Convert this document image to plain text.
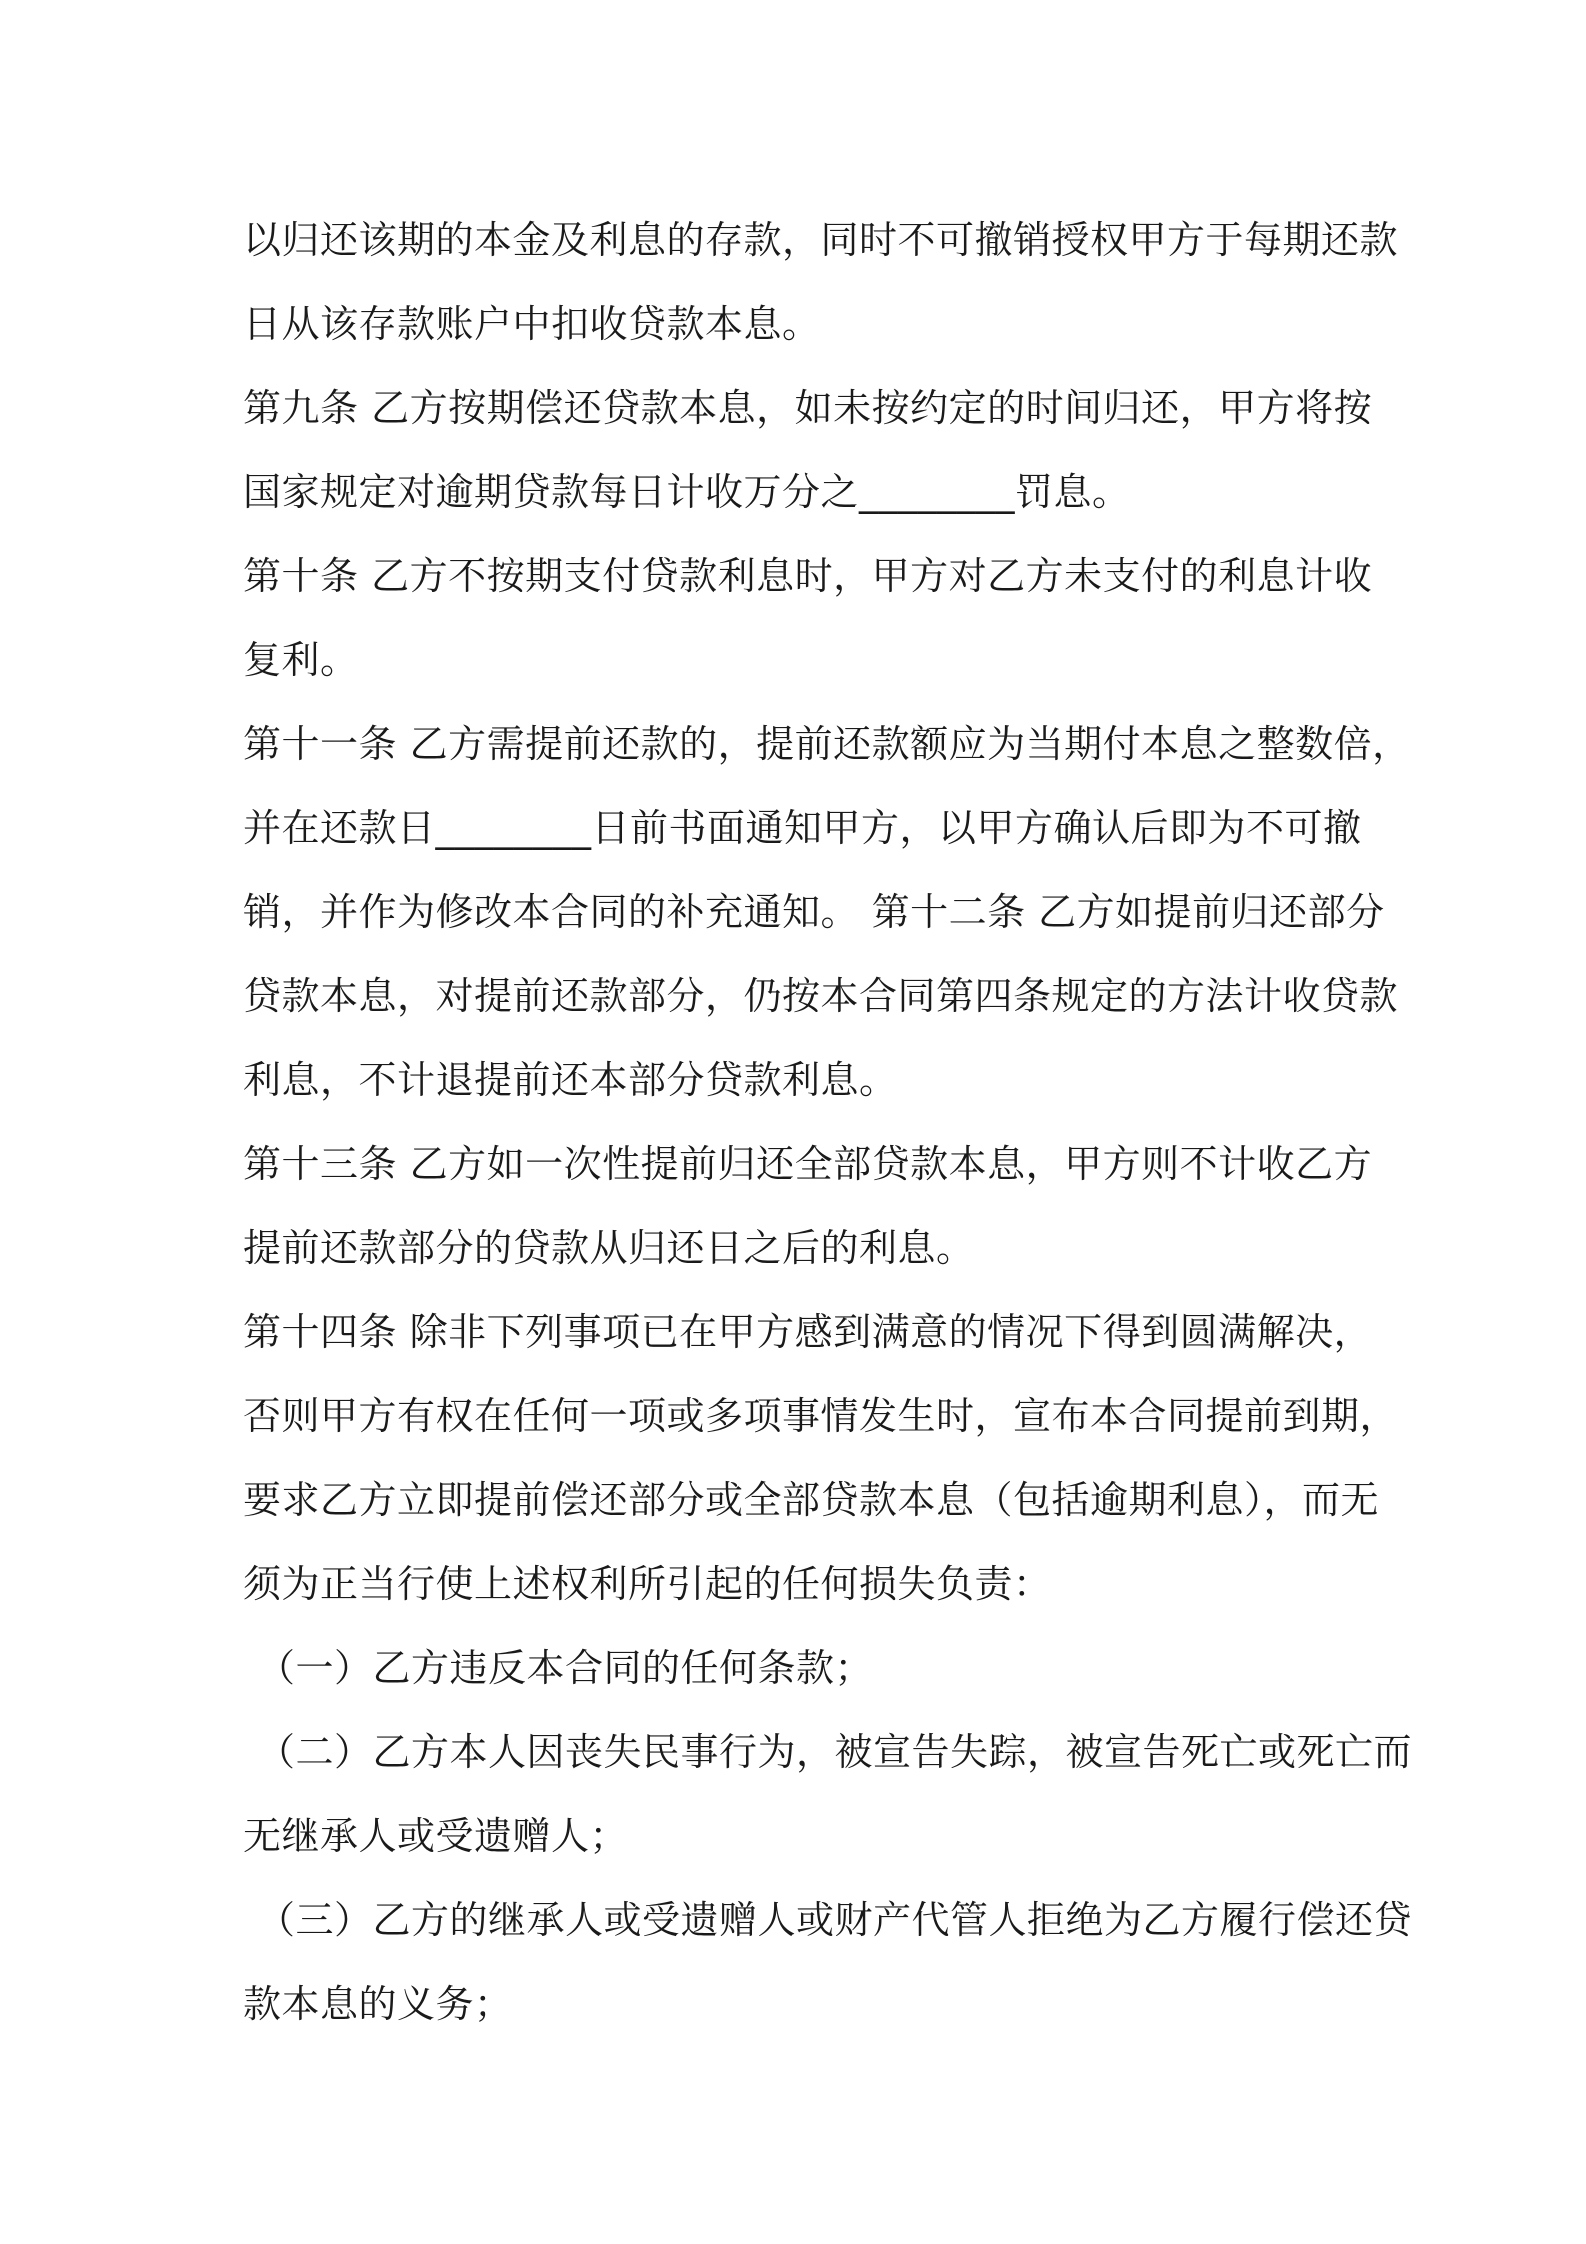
以归还该期的本金及利息的存款，同时不可撤销授权甲方于每期还款
日从该存款账户中扣收贷款本息。
第九条 乙方按期偿还贷款本息，如未按约定的时间归还，甲方将按
国家规定对逾期贷款每日计收万分之________罚息。
第十条 乙方不按期支付贷款利息时，甲方对乙方未支付的利息计收
复利。
第十一条 乙方需提前还款的，提前还款额应为当期付本息之整数倍，
并在还款日________日前书面通知甲方，以甲方确认后即为不可撤
销，并作为修改本合同的补充通知。 第十二条 乙方如提前归还部分
贷款本息，对提前还款部分，仍按本合同第四条规定的方法计收贷款
利息，不计退提前还本部分贷款利息。
第十三条 乙方如一次性提前归还全部贷款本息，甲方则不计收乙方
提前还款部分的贷款从归还日之后的利息。
第十四条 除非下列事项已在甲方感到满意的情况下得到圆满解决，
否则甲方有权在任何一项或多项事情发生时，宣布本合同提前到期，
要求乙方立即提前偿还部分或全部贷款本息（包括逾期利息），而无
须为正当行使上述权利所引起的任何损失负责：
（一）乙方违反本合同的任何条款；
（二）乙方本人因丧失民事行为，被宣告失踪，被宣告死亡或死亡而
无继承人或受遗赠人；
（三）乙方的继承人或受遗赠人或财产代管人拒绝为乙方履行偿还贷
款本息的义务；
